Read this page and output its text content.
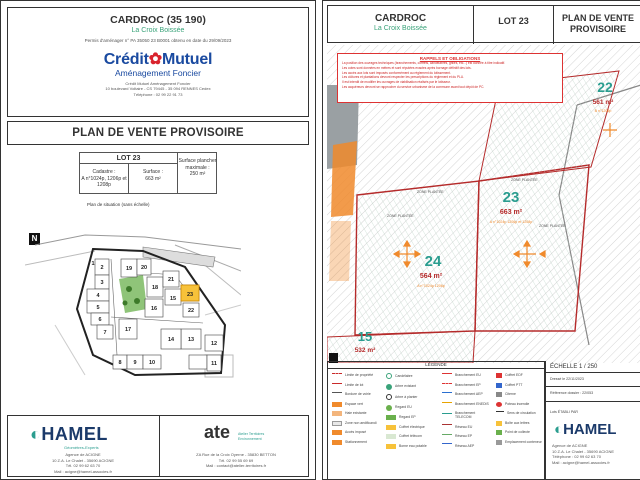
CARDROC (35 190)
La Croix Boissée
Permis d'aménager n° PA 35050 23 B0001 obtenu en date du 29/09/2023
Crédit✿Mutuel
Aménagement Foncier
Crédit Mutuel Aménagement Foncier
10 boulevard Voltaire - CS 79445 - 35 094 RENNES Cedex
Téléphone : 02 99 22 91 73
PLAN DE VENTE PROVISOIRE
LOT 23
Cadastre :
A n°1024p, 1206p et 1208p
Surface :
663 m²
Surface plancher maximale :
250 m²
Plan de situation (sans échelle)
N
2
3
4
5
6
7
8 9 10	11
12
13
14
17
16
18
19 20
21
23
22
15
1
◐HAMEL
Géomètres-Experts
Agence de ACIGNE
10 Z.A. Le Chalet - 35690 ACIGNE
Tél. 02 99 62 63 70
Mail : acigne@hamel-associes.fr
ate Atelier Territoires Environnement
ZA Rue de la Croix Oyerne - 35830 BETTON
Tél. 02 99 55 69 69
Mail : contact@atelier-territoires.fr
CARDROC
La Croix Boissée
LOT 23	PLAN DE VENTE
PROVISOIRE
ZONE PLANTÉE
ZONE PLANTÉE
ZONE PLANTÉE
ZONE PLANTÉE
22
561 m²
B n°1208p
23
663 m²
A n°1024p 1206p et 1208p
24
564 m²
A n°1024p 1206p
15
532 m²
RAPPELS ET OBLIGATIONS
La position des ouvrages techniques (branchements, coffrets, candélabres, grilles, etc...) est donnée à titre indicatif.
Les cotes sont données en mètres et sont réputées exactes après bornage définitif des lots.
Les accès aux lots sont imposés conformément au règlement du lotissement.
Les clôtures et plantations devront respecter les prescriptions du règlement et du PLU.
Il est interdit de modifier les ouvrages de viabilisation réalisés par le lotisseur.
Les acquéreurs devront se rapprocher du service urbanisme de la commune avant tout dépôt de PC.
LÉGENDE
Limite de propriété
Limite de lot
Bordure de voirie
Espace vert
Haie existante
Zone non aedificandi
Accès imposé
Stationnement
Candélabre
Arbre existant
Arbre à planter
Regard EU
Regard EP
Coffret électrique
Coffret télécom
Borne eau potable
Branchement EU
Branchement EP
Branchement AEP
Branchement ENEDIS
Branchement TELECOM
Réseau EU
Réseau EP
Réseau AEP
Coffret EDF
Coffret PTT
Citerne
Poteau incendie
Sens de circulation
Boîte aux lettres
Point de collecte
Emplacement conteneur
ÉCHELLE 1 / 250
Dressé le 22/11/2023
Référence dossier : 22/053
Lots ÉTABLI PAR
◐HAMEL
Agence de ACIGNE
10 Z.A. Le Chalet - 35690 ACIGNE
Téléphone : 02 99 62 63 70
Mail : acigne@hamel-associes.fr
